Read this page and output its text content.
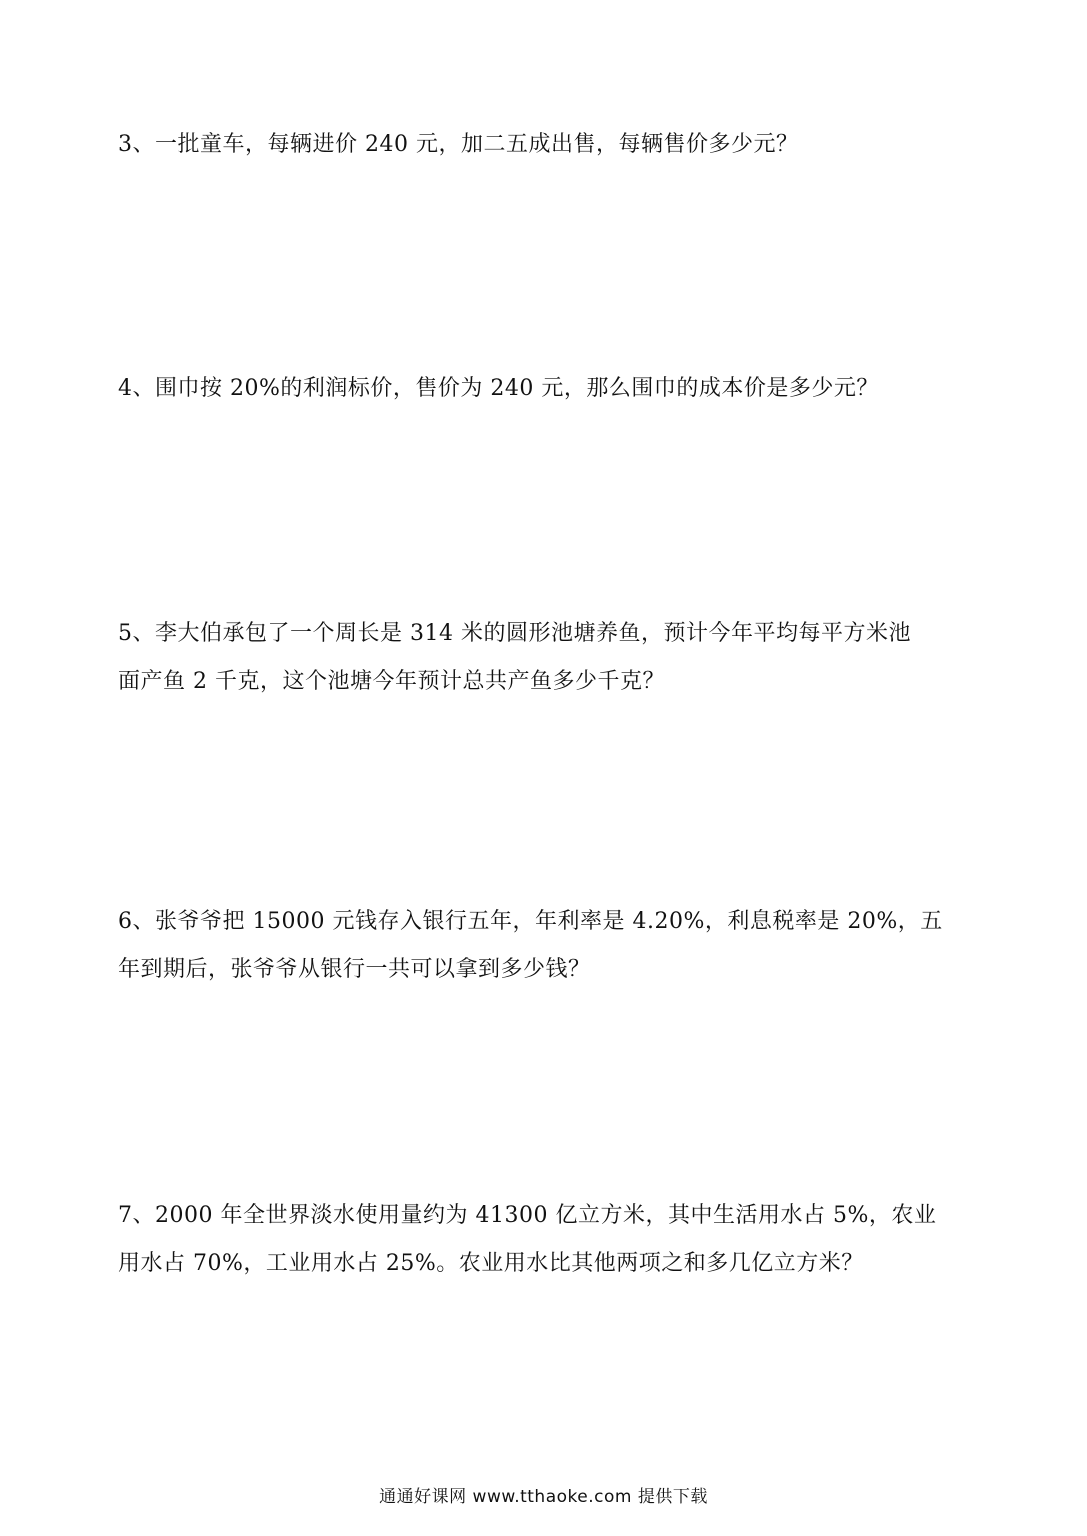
3、一批童车，每辆进价 240 元，加二五成出售，每辆售价多少元？
4、围巾按 20%的利润标价，售价为 240 元，那么围巾的成本价是多少元？
5、李大伯承包了一个周长是 314 米的圆形池塘养鱼，预计今年平均每平方米池
面产鱼 2 千克，这个池塘今年预计总共产鱼多少千克？
6、张爷爷把 15000 元钱存入银行五年，年利率是 4.20%，利息税率是 20%，五
年到期后，张爷爷从银行一共可以拿到多少钱？
7、2000 年全世界淡水使用量约为 41300 亿立方米，其中生活用水占 5%，农业
用水占 70%，工业用水占 25%。农业用水比其他两项之和多几亿立方米？
通通好课网 www.tthaoke.com 提供下载
